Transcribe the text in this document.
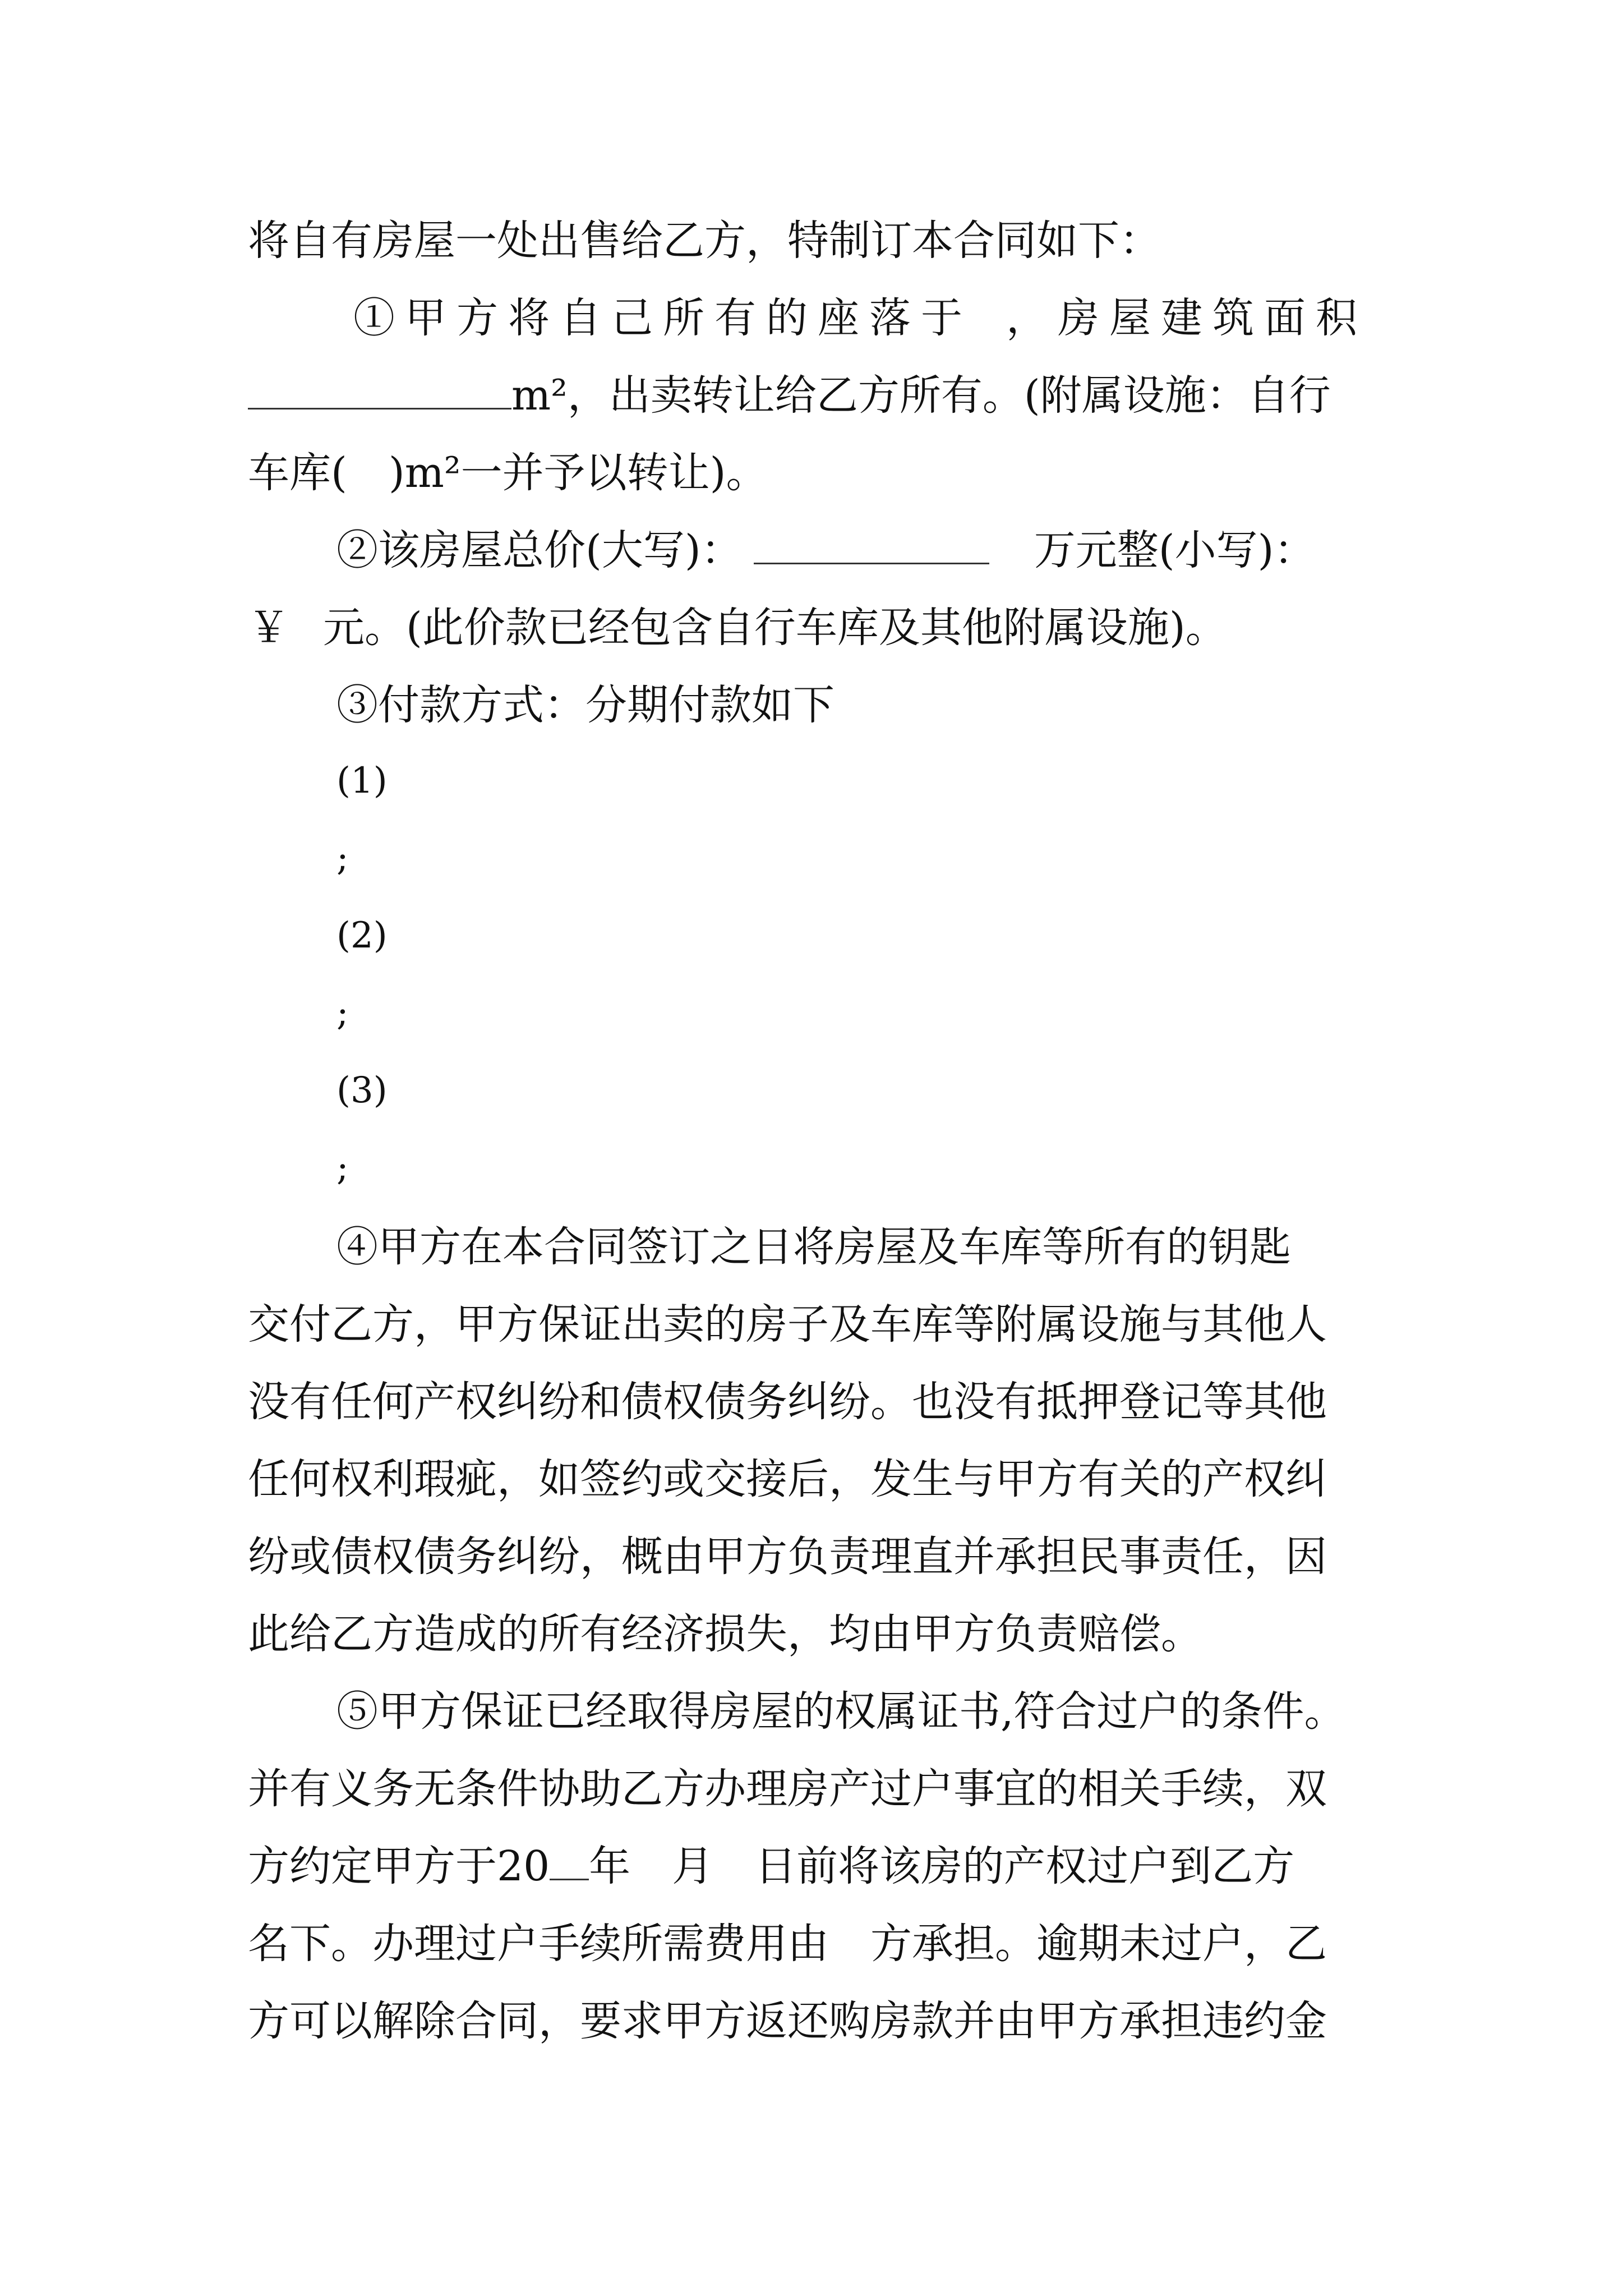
将自有房屋一处出售给乙方，特制订本合同如下：
①甲方将自己所有的座落于 ，房屋建筑面积
m²，出卖转让给乙方所有。(附属设施：自行
车库(　)m²一并予以转让)。
②该房屋总价(大写)：	万元整(小写)：
￥ 元。(此价款已经包含自行车库及其他附属设施)。
③付款方式：分期付款如下
(1)
;
(2)
;
(3)
;
④甲方在本合同签订之日将房屋及车库等所有的钥匙
交付乙方，甲方保证出卖的房子及车库等附属设施与其他人
没有任何产权纠纷和债权债务纠纷。也没有抵押登记等其他
任何权利瑕疵，如签约或交接后，发生与甲方有关的产权纠
纷或债权债务纠纷，概由甲方负责理直并承担民事责任，因
此给乙方造成的所有经济损失，均由甲方负责赔偿。
⑤甲方保证已经取得房屋的权属证书,符合过户的条件。
并有义务无条件协助乙方办理房产过户事宜的相关手续，双
方约定甲方于20 年　月　日前将该房的产权过户到乙方
名下。办理过户手续所需费用由　方承担。逾期未过户，乙
方可以解除合同，要求甲方返还购房款并由甲方承担违约金
